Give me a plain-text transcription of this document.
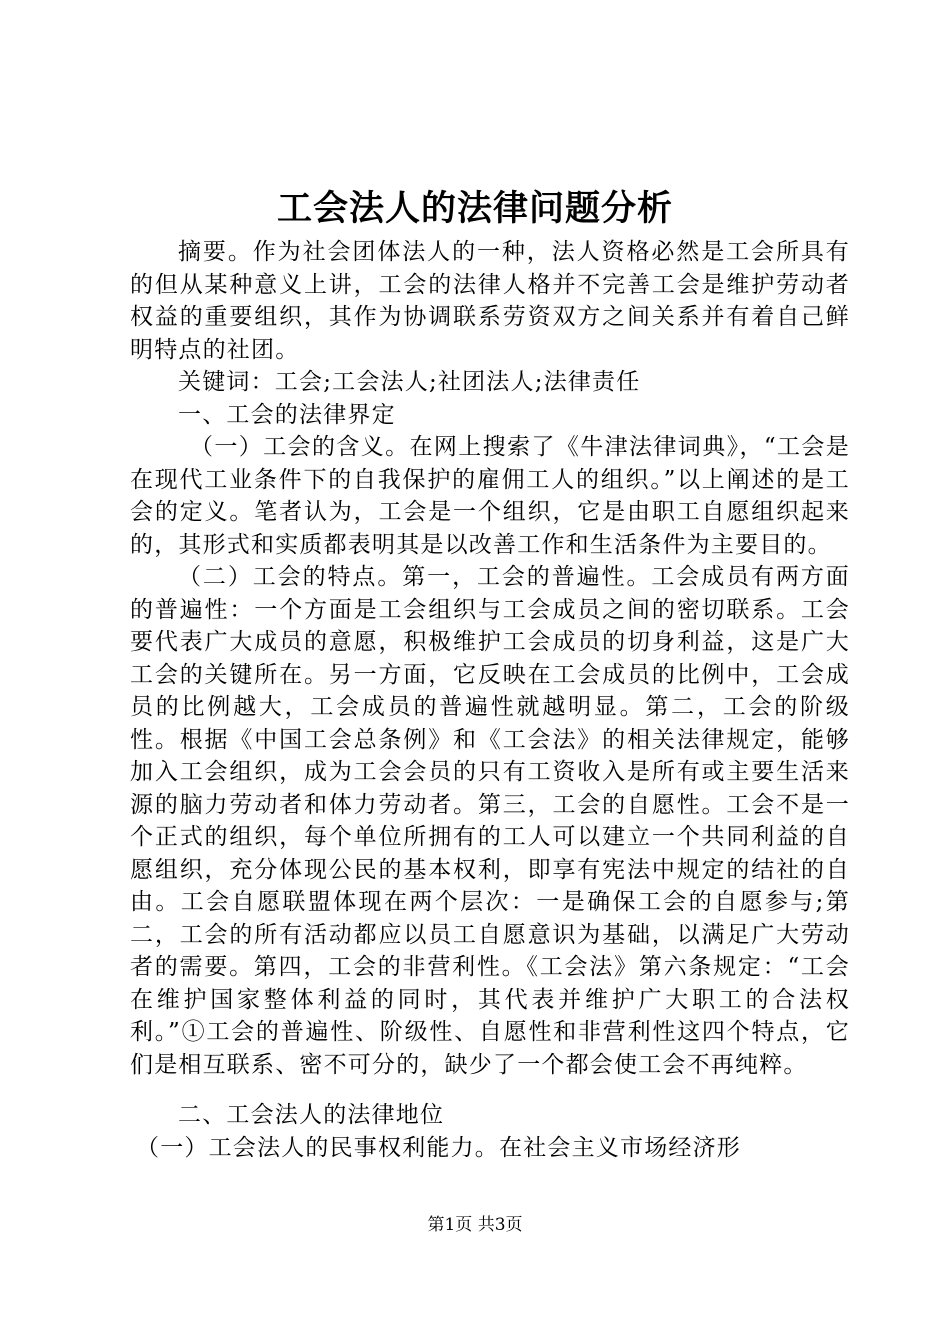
工会法人的法律问题分析

摘要。作为社会团体法人的一种，法人资格必然是工会所具有的但从某种意义上讲，工会的法律人格并不完善工会是维护劳动者权益的重要组织，其作为协调联系劳资双方之间关系并有着自己鲜明特点的社团。

关键词：工会;工会法人;社团法人;法律责任

一、工会的法律界定

（一）工会的含义。在网上搜索了《牛津法律词典》，“工会是在现代工业条件下的自我保护的雇佣工人的组织。”以上阐述的是工会的定义。笔者认为，工会是一个组织，它是由职工自愿组织起来的，其形式和实质都表明其是以改善工作和生活条件为主要目的。

（二）工会的特点。第一，工会的普遍性。工会成员有两方面的普遍性：一个方面是工会组织与工会成员之间的密切联系。工会要代表广大成员的意愿，积极维护工会成员的切身利益，这是广大工会的关键所在。另一方面，它反映在工会成员的比例中，工会成员的比例越大，工会成员的普遍性就越明显。第二，工会的阶级性。根据《中国工会总条例》和《工会法》的相关法律规定，能够加入工会组织，成为工会会员的只有工资收入是所有或主要生活来源的脑力劳动者和体力劳动者。第三，工会的自愿性。工会不是一个正式的组织，每个单位所拥有的工人可以建立一个共同利益的自愿组织，充分体现公民的基本权利，即享有宪法中规定的结社的自由。工会自愿联盟体现在两个层次：一是确保工会的自愿参与;第二，工会的所有活动都应以员工自愿意识为基础，以满足广大劳动者的需要。第四，工会的非营利性。《工会法》第六条规定：“工会在维护国家整体利益的同时，其代表并维护广大职工的合法权利。”①工会的普遍性、阶级性、自愿性和非营利性这四个特点，它们是相互联系、密不可分的，缺少了一个都会使工会不再纯粹。

二、工会法人的法律地位

（一）工会法人的民事权利能力。在社会主义市场经济形

第1页 共3页
